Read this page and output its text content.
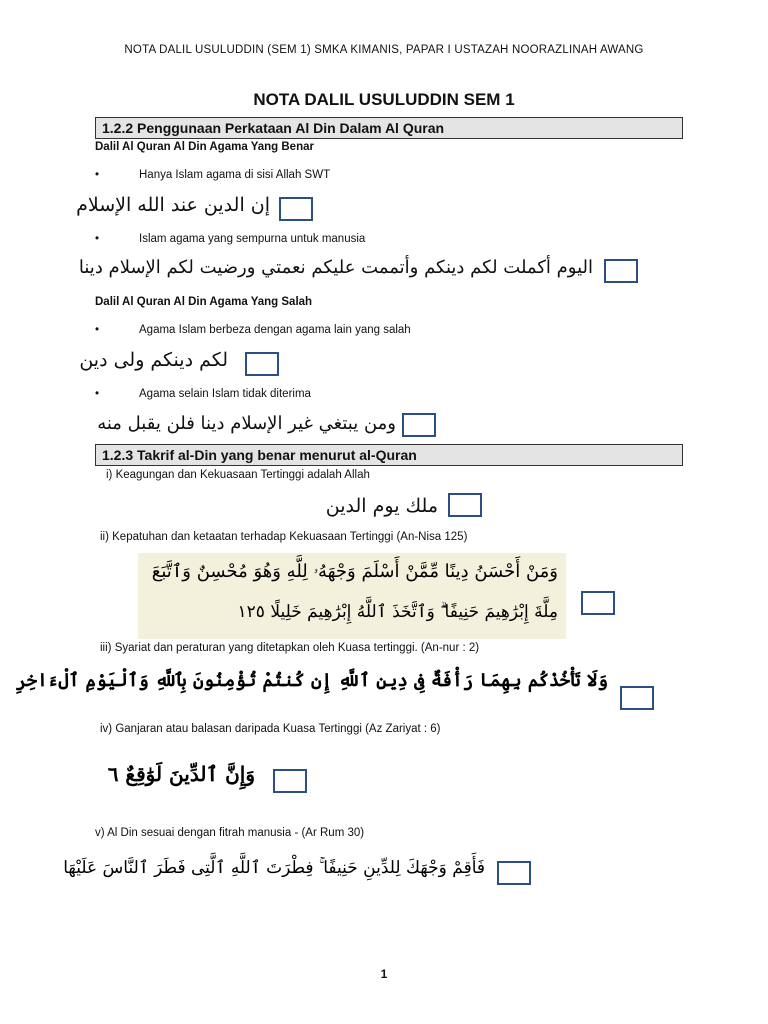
NOTA DALIL USULUDDIN (SEM 1) SMKA KIMANIS, PAPAR I USTAZAH NOORAZLINAH AWANG
NOTA DALIL USULUDDIN SEM 1
1.2.2 Penggunaan Perkataan Al Din Dalam Al Quran
Dalil Al Quran Al Din Agama Yang Benar
•	Hanya Islam agama di sisi Allah SWT
إن الدين عند الله الإسلام
•	Islam agama yang sempurna untuk manusia
اليوم أكملت لكم دينكم وأتممت عليكم نعمتي ورضيت لكم الإسلام دينا
Dalil Al Quran Al Din Agama Yang Salah
•	Agama Islam berbeza dengan agama lain yang salah
لكم دينكم ولى دين
•	Agama selain Islam tidak diterima
ومن يبتغي غير الإسلام دينا فلن يقبل منه
1.2.3 Takrif al-Din yang benar menurut al-Quran
i) Keagungan dan Kekuasaan Tertinggi adalah Allah
ملك يوم الدين
ii) Kepatuhan dan ketaatan terhadap Kekuasaan Tertinggi (An-Nisa 125)
وَمَنْ أَحْسَنُ دِينًا مِّمَّنْ أَسْلَمَ وَجْهَهُۥ لِلَّهِ وَهُوَ مُحْسِنٌ وَٱتَّبَعَ
مِلَّةَ إِبْرَٰهِيمَ حَنِيفًا ۗ وَٱتَّخَذَ ٱللَّهُ إِبْرَٰهِيمَ خَلِيلًا ١٢٥
iii) Syariat dan peraturan yang ditetapkan oleh Kuasa tertinggi. (An-nur : 2)
وَلَا تَأْخُذْكُم بِهِمَا رَأْفَةٌ فِى دِينِ ٱللَّهِ إِن كُنتُمْ تُؤْمِنُونَ بِٱللَّهِ وَٱلْيَوْمِ ٱلْءَاخِرِ
iv) Ganjaran atau balasan daripada Kuasa Tertinggi (Az Zariyat : 6)
وَإِنَّ ٱلدِّينَ لَوَٰقِعٌ ٦
v) Al Din sesuai dengan fitrah manusia - (Ar Rum 30)
فَأَقِمْ وَجْهَكَ لِلدِّينِ حَنِيفًا ۚ فِطْرَتَ ٱللَّهِ ٱلَّتِى فَطَرَ ٱلنَّاسَ عَلَيْهَا
1
